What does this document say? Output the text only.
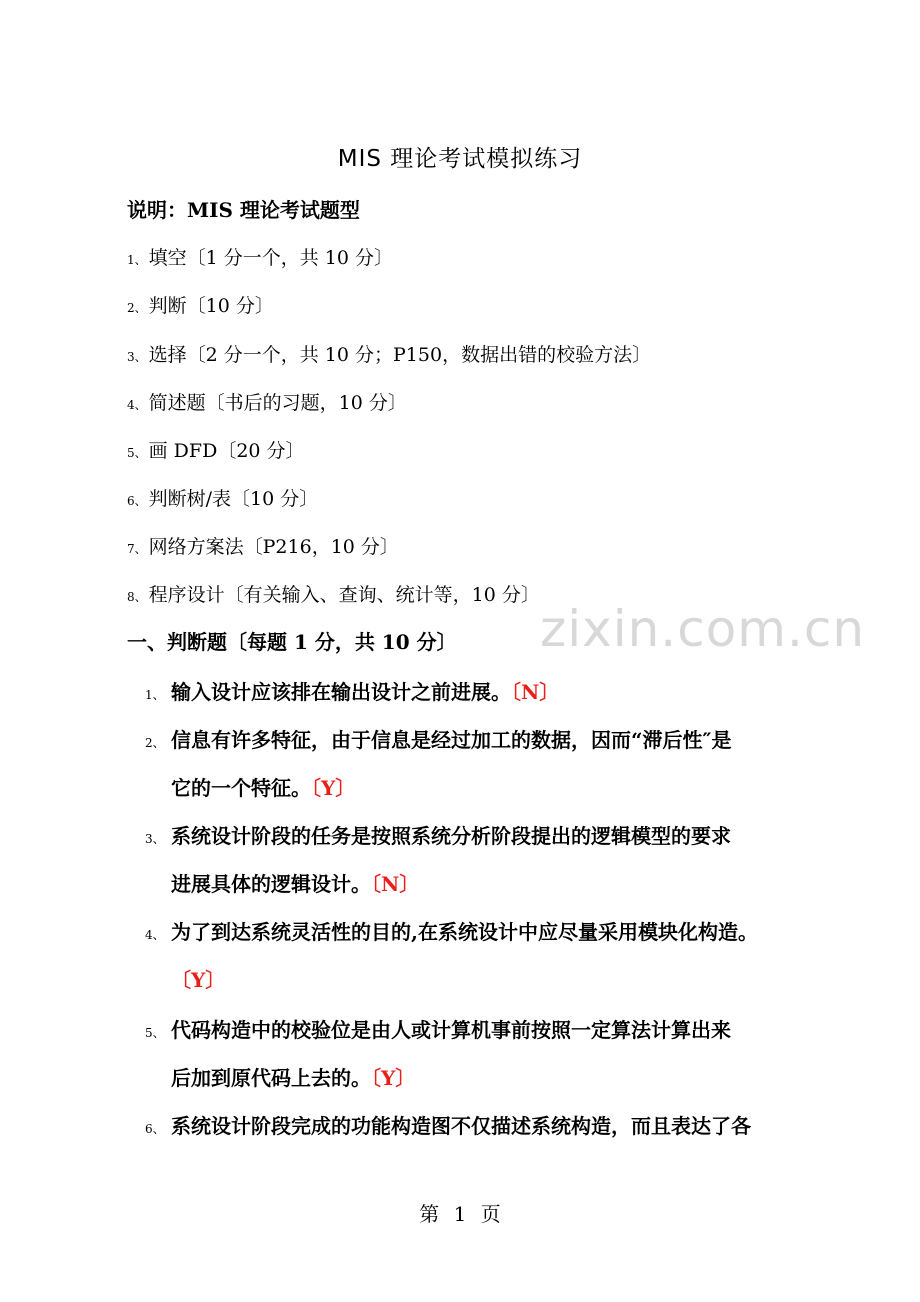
MIS 理论考试模拟练习
说明：MIS 理论考试题型
1、 填空〔1 分一个，共 10 分〕
2、 判断〔10 分〕
3、 选择〔2 分一个，共 10 分；P150，数据出错的校验方法〕
4、 简述题〔书后的习题，10 分〕
5、 画 DFD〔20 分〕
6、 判断树/表〔10 分〕
7、 网络方案法〔P216，10 分〕
8、 程序设计〔有关输入、查询、统计等，10 分〕
zixin.com.cn
一、判断题〔每题 1 分，共 10 分〕
1、 输入设计应该排在输出设计之前进展。〔N〕
2、 信息有许多特征，由于信息是经过加工的数据，因而“滞后性″是
它的一个特征。〔Y〕
3、 系统设计阶段的任务是按照系统分析阶段提出的逻辑模型的要求
进展具体的逻辑设计。〔N〕
4、 为了到达系统灵活性的目的,在系统设计中应尽量采用模块化构造。
〔Y〕
5、 代码构造中的校验位是由人或计算机事前按照一定算法计算出来
后加到原代码上去的。〔Y〕
6、 系统设计阶段完成的功能构造图不仅描述系统构造，而且表达了各
第 1 页
